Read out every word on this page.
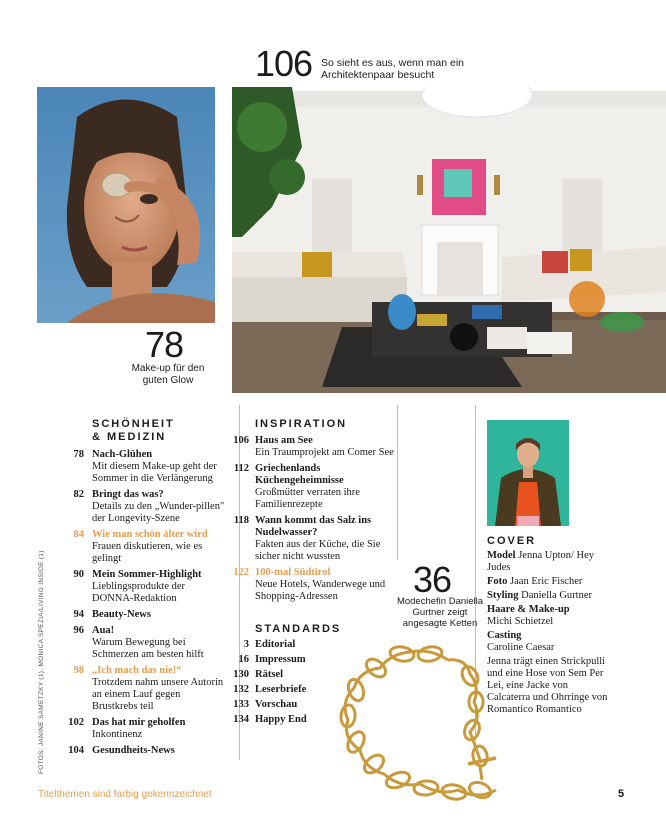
106 So sieht es aus, wenn man ein Architektenpaar besucht
78
Make-up für den guten Glow
SCHÖNHEIT
& MEDIZIN
78 Nach-Glühen
Mit diesem Make-up geht der Sommer in die Verlängerung
82 Bringt das was?
Details zu den „Wunder-pillen" der Longevity-Szene
84 Wie man schön älter wird
Frauen diskutieren, wie es gelingt
90 Mein Sommer-Highlight
Lieblingsprodukte der DONNA-Redaktion
94 Beauty-News
96 Aua!
Warum Bewegung bei Schmerzen am besten hilft
98 „Ich mach das nie!“
Trotzdem nahm unsere Autorin an einem Lauf gegen Brustkrebs teil
102 Das hat mir geholfen
Inkontinenz
104 Gesundheits-News
INSPIRATION
106 Haus am See
Ein Traumprojekt am Comer See
112 Griechenlands Küchengeheimnisse
Großmütter verraten ihre Familienrezepte
118 Wann kommt das Salz ins Nudelwasser?
Fakten aus der Küche, die Sie sicher nicht wussten
122 100-mal Südtirol
Neue Hotels, Wanderwege und Shopping-Adressen
STANDARDS
3 Editorial
16 Impressum
130 Rätsel
132 Leserbriefe
133 Vorschau
134 Happy End
COVER
Model Jenna Upton/ Hey Judes
Foto Jaan Eric Fischer
Styling Daniella Gurtner
Haare & Make-up
Michi Schietzel
Casting
Caroline Caesar
Jenna trägt einen Strickpulli und eine Hose von Sem Per Lei, eine Jacke von Calcaterra und Ohrringe von Romantico Romantico
36
Modechefin Daniella Gurtner zeigt angesagte Ketten
FOTOS: JANINE SAMETZKY (1), MONICA SPEZIA/LIVING INSIDE (1)
Titelthemen sind farbig gekennzeichnet	5
